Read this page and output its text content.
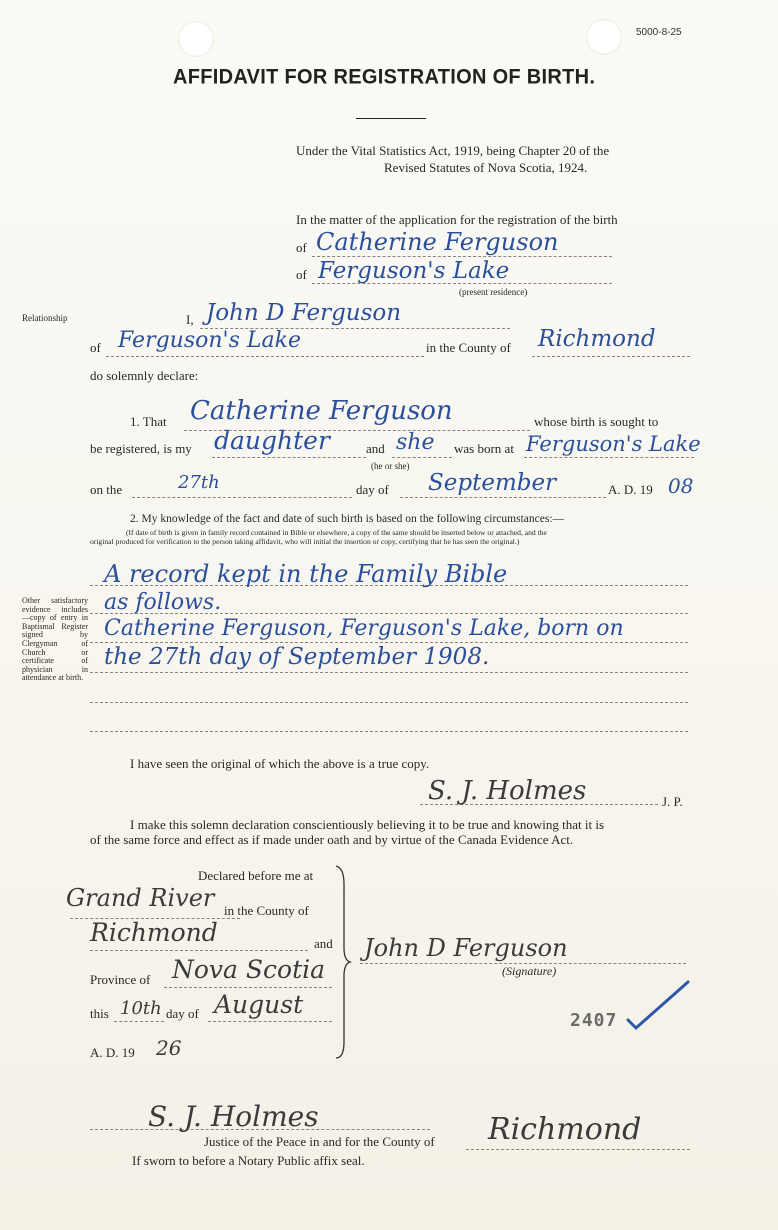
5000-8-25
AFFIDAVIT FOR REGISTRATION OF BIRTH.
Under the Vital Statistics Act, 1919, being Chapter 20 of the
Revised Statutes of Nova Scotia, 1924.
In the matter of the application for the registration of the birth
of Catherine Ferguson
of Ferguson's Lake
(present residence)
Relationship	I, John D Ferguson
of Ferguson's Lake	in the County of Richmond
do solemnly declare:
1. That Catherine Ferguson	whose birth is sought to
be registered, is my daughter	and she
(he or she)
was born at Ferguson's Lake
on the	27th	day of September	A. D. 19 08
2. My knowledge of the fact and date of such birth is based on the following circumstances:—
(If date of birth is given in family record contained in Bible or elsewhere, a copy of the same should be inserted below or attached, and the
original produced for verification to the person taking affidavit, who will initial the insertion or copy, certifying that he has seen the original.)
Other satisfactory evidence includes —copy of entry in Baptismal Register signed by Clergyman of Church or certificate of physician in attendance at birth.
A record kept in the Family Bible
as follows.
Catherine Ferguson, Ferguson's Lake, born on
the 27th day of September 1908.
I have seen the original of which the above is a true copy.
S. J. Holmes	J. P.
I make this solemn declaration conscientiously believing it to be true and knowing that it is
of the same force and effect as if made under oath and by virtue of the Canada Evidence Act.
Declared before me at
Grand River in the County of
Richmond	and
Province of Nova Scotia
this 10th day of August
A. D. 19 26
John D Ferguson
(Signature)
2407
S. J. Holmes
Justice of the Peace in and for the County of Richmond
If sworn to before a Notary Public affix seal.
